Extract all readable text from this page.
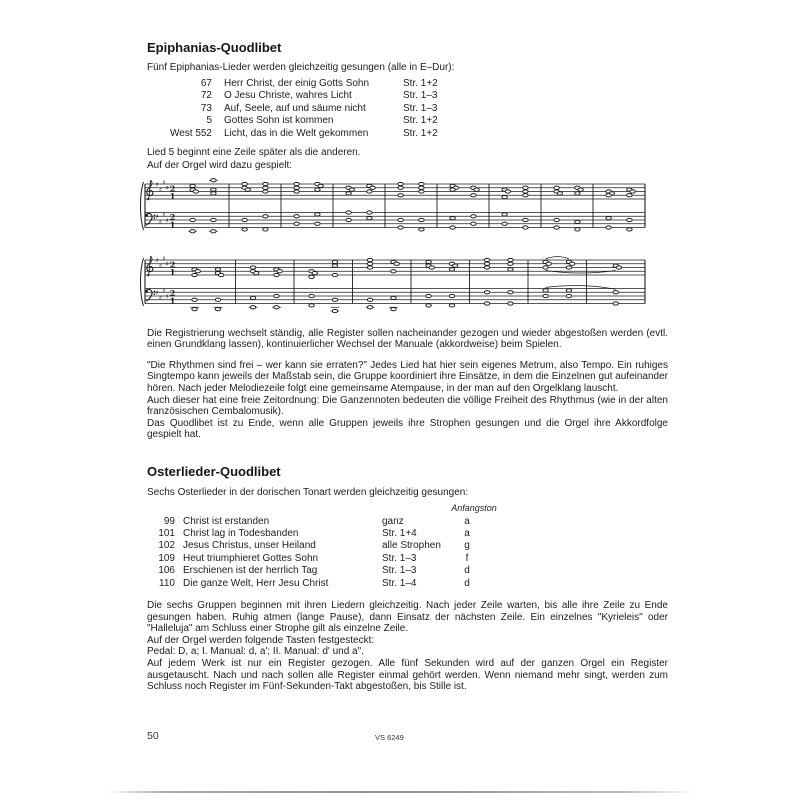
Epiphanias-Quodlibet

Fünf Epiphanias-Lieder werden gleichzeitig gesungen (alle in E–Dur):

67 Herr Christ, der einig Gotts Sohn	Str. 1+2
72 O Jesu Christe, wahres Licht	Str. 1–3
73 Auf, Seele, auf und säume nicht	Str. 1–3
5 Gottes Sohn ist kommen	Str. 1+2
West 552 Licht, das in die Welt gekommen	Str. 1+2

Lied 5 beginnt eine Zeile später als die anderen.

Auf der Orgel wird dazu gespielt:

♯
♯
♯
♯
♯
♯
♯
♯
2
1
2
1
♯
♯
♯
♯
♯
♯
♯
♯
2
1
2
1

Die Registrierung wechselt ständig, alle Register sollen nacheinander gezogen und wieder abgestoßen werden (evtl. einen Grundklang lassen), kontinuierlicher Wechsel der Manuale (akkordweise) beim Spielen.

"Die Rhythmen sind frei – wer kann sie erraten?" Jedes Lied hat hier sein eigenes Metrum, also Tempo. Ein ruhiges Singtempo kann jeweils der Maßstab sein, die Gruppe koordiniert ihre Einsätze, in dem die Einzelnen gut aufeinander hören. Nach jeder Melodiezeile folgt eine gemeinsame Atempause, in der man auf den Orgelklang lauscht.

Auch dieser hat eine freie Zeitordnung: Die Ganzennoten bedeuten die völlige Freiheit des Rhythmus (wie in der alten französischen Cembalomusik).

Das Quodlibet ist zu Ende, wenn alle Gruppen jeweils ihre Strophen gesungen und die Orgel ihre Akkordfolge gespielt hat.

Osterlieder-Quodlibet

Sechs Osterlieder in der dorischen Tonart werden gleichzeitig gesungen:

Anfangston
99 Christ ist erstanden	ganz	a
101 Christ lag in Todesbanden	Str. 1+4	a
102 Jesus Christus, unser Heiland	alle Strophen	g
109 Heut triumphieret Gottes Sohn	Str. 1–3	f
106 Erschienen ist der herrlich Tag	Str. 1–3	d
110 Die ganze Welt, Herr Jesu Christ	Str. 1–4	d

Die sechs Gruppen beginnen mit ihren Liedern gleichzeitig. Nach jeder Zeile warten, bis alle ihre Zeile zu Ende gesungen haben. Ruhig atmen (lange Pause), dann Einsatz der nächsten Zeile. Ein einzelnes "Kyrieleis" oder "Halleluja" am Schluss einer Strophe gilt als einzelne Zeile.

Auf der Orgel werden folgende Tasten festgesteckt:

Pedal: D, a; I. Manual: d, a'; II. Manual: d' und a".

Auf jedem Werk ist nur ein Register gezogen. Alle fünf Sekunden wird auf der ganzen Orgel ein Register ausgetauscht. Nach und nach sollen alle Register einmal gehört werden. Wenn niemand mehr singt, werden zum Schluss noch Register im Fünf-Sekunden-Takt abgestoßen, bis Stille ist.

50	VS 6249
